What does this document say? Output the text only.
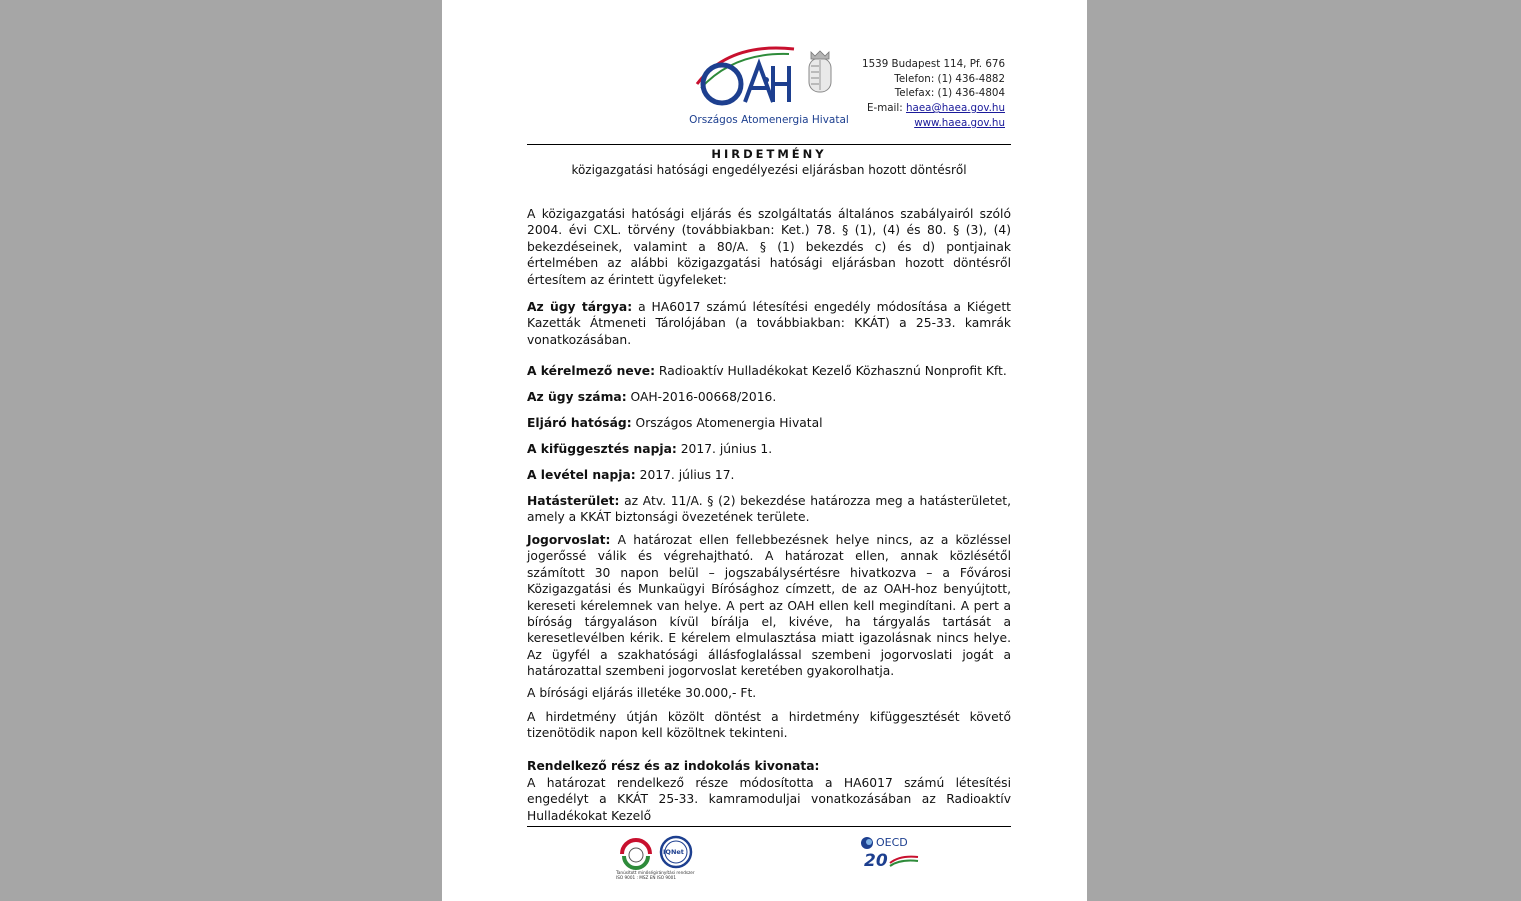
Országos Atomenergia Hivatal
1539 Budapest 114, Pf. 676
Telefon: (1) 436-4882
Telefax: (1) 436-4804
E-mail: haea@haea.gov.hu
www.haea.gov.hu
HIRDETMÉNY
közigazgatási hatósági engedélyezési eljárásban hozott döntésről
A közigazgatási hatósági eljárás és szolgáltatás általános szabályairól szóló 2004. évi CXL. törvény (továbbiakban: Ket.) 78. § (1), (4) és 80. § (3), (4) bekezdéseinek, valamint a 80/A. § (1) bekezdés c) és d) pontjainak értelmében az alábbi közigazgatási hatósági eljárásban hozott döntésről értesítem az érintett ügyfeleket:
Az ügy tárgya: a HA6017 számú létesítési engedély módosítása a Kiégett Kazetták Átmeneti Tárolójában (a továbbiakban: KKÁT) a 25-33. kamrák vonatkozásában.
A kérelmező neve: Radioaktív Hulladékokat Kezelő Közhasznú Nonprofit Kft.
Az ügy száma: OAH-2016-00668/2016.
Eljáró hatóság: Országos Atomenergia Hivatal
A kifüggesztés napja: 2017. június 1.
A levétel napja: 2017. július 17.
Hatásterület: az Atv. 11/A. § (2) bekezdése határozza meg a hatásterületet, amely a KKÁT biztonsági övezetének területe.
Jogorvoslat: A határozat ellen fellebbezésnek helye nincs, az a közléssel jogerőssé válik és végrehajtható. A határozat ellen, annak közlésétől számított 30 napon belül – jogszabálysértésre hivatkozva – a Fővárosi Közigazgatási és Munkaügyi Bírósághoz címzett, de az OAH-hoz benyújtott, kereseti kérelemnek van helye. A pert az OAH ellen kell megindítani. A pert a bíróság tárgyaláson kívül bírálja el, kivéve, ha tárgyalás tartását a keresetlevélben kérik. E kérelem elmulasztása miatt igazolásnak nincs helye. Az ügyfél a szakhatósági állásfoglalással szembeni jogorvoslati jogát a határozattal szembeni jogorvoslat keretében gyakorolhatja.
A bírósági eljárás illetéke 30.000,- Ft.
A hirdetmény útján közölt döntést a hirdetmény kifüggesztését követő tizenötödik napon kell közöltnek tekinteni.
Rendelkező rész és az indokolás kivonata:
A határozat rendelkező része módosította a HA6017 számú létesítési engedélyt a KKÁT 25-33. kamramoduljai vonatkozásában az Radioaktív Hulladékokat Kezelő
IQNet
Tanúsított minőségirányítási rendszer
ISO 9001 : MSZ EN ISO 9001
OECD
20
